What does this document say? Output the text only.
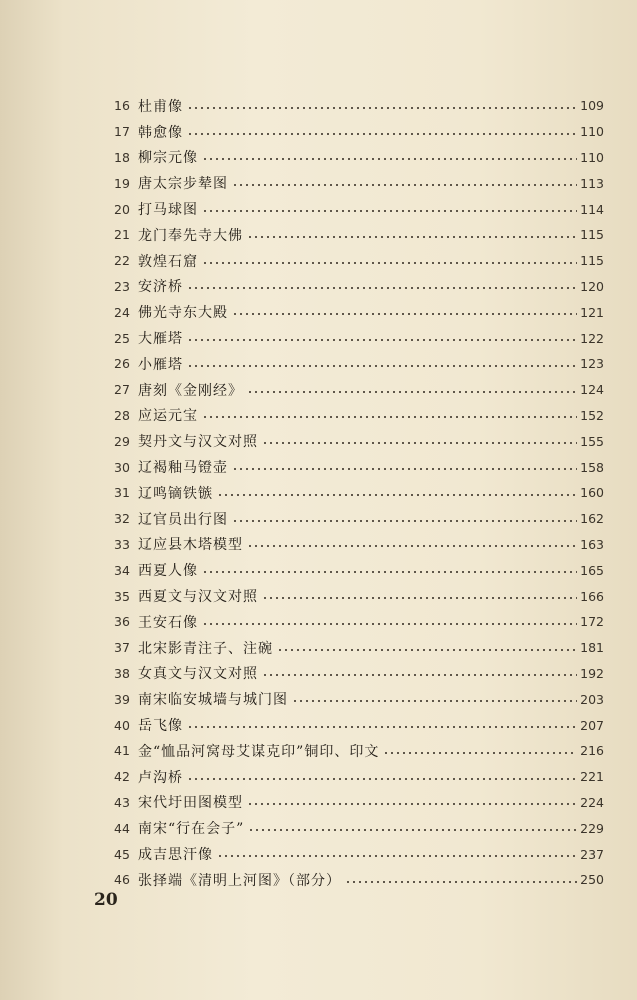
16 杜甫像	109
17 韩愈像	110
18 柳宗元像	110
19 唐太宗步辇图	113
20 打马球图	114
21 龙门奉先寺大佛	115
22 敦煌石窟	115
23 安济桥	120
24 佛光寺东大殿	121
25 大雁塔	122
26 小雁塔	123
27 唐刻《金刚经》	124
28 应运元宝	152
29 契丹文与汉文对照	155
30 辽褐釉马镫壶	158
31 辽鸣镝铁镞	160
32 辽官员出行图	162
33 辽应县木塔模型	163
34 西夏人像	165
35 西夏文与汉文对照	166
36 王安石像	172
37 北宋影青注子、注碗	181
38 女真文与汉文对照	192
39 南宋临安城墙与城门图	203
40 岳飞像	207
41 金“恤品河窝母艾谋克印”铜印、印文	216
42 卢沟桥	221
43 宋代圩田图模型	224
44 南宋“行在会子”	229
45 成吉思汗像	237
46 张择端《清明上河图》（部分）	250
20
